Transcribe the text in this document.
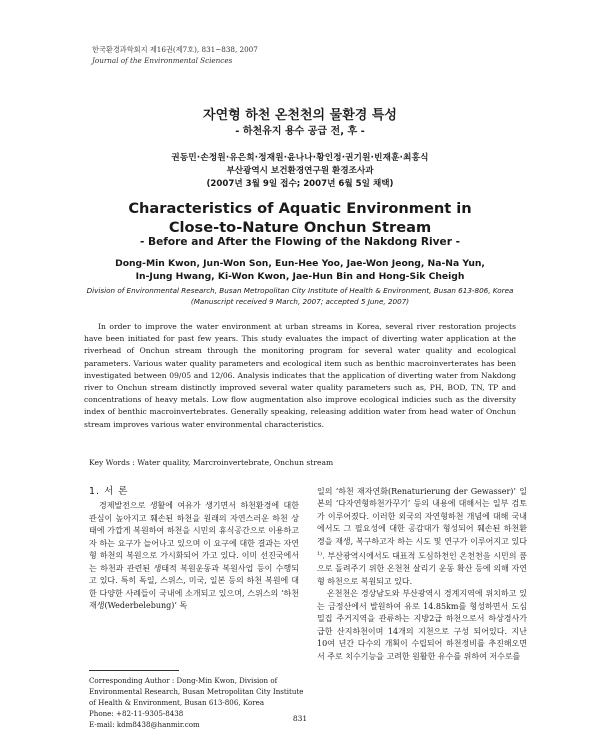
한국환경과학회지 제16권(제7호), 831~838, 2007
Journal of the Environmental Sciences
자연형 하천 온천천의 물환경 특성
- 하천유지 용수 공급 전, 후 -
권동민·손정원·유은희·정재원·윤나나·황인정·권기원·빈재훈·최홍식
부산광역시 보건환경연구원 환경조사과
(2007년 3월 9일 접수; 2007년 6월 5일 채택)
Characteristics of Aquatic Environment in
Close-to-Nature Onchun Stream
- Before and After the Flowing of the Nakdong River -
Dong-Min Kwon, Jun-Won Son, Eun-Hee Yoo, Jae-Won Jeong, Na-Na Yun,
In-Jung Hwang, Ki-Won Kwon, Jae-Hun Bin and Hong-Sik Cheigh
Division of Environmental Research, Busan Metropolitan City Institute of Health & Environment, Busan 613-806, Korea
(Manuscript received 9 March, 2007; accepted 5 June, 2007)
In order to improve the water environment at urban streams in Korea, several river restoration projects have been initiated for past few years. This study evaluates the impact of diverting water application at the riverhead of Onchun stream through the monitoring program for several water quality and ecological parameters. Various water quality parameters and ecological item such as benthic macroinverterates has been investigated between 09/05 and 12/06. Analysis indicates that the application of diverting water from Nakdong river to Onchun stream distinctly improved several water quality parameters such as, PH, BOD, TN, TP and concentrations of heavy metals. Low flow augmentation also improve ecological indicies such as the diversity index of benthic macroinvertebrates. Generally speaking, releasing addition water from head water of Onchun stream improves various water environmental characteristics.
Key Words : Water quality, Marcroinvertebrate, Onchun stream
1. 서 론
경제발전으로 생활에 여유가 생기면서 하천환경에 대한 관심이 높아지고 훼손된 하천을 원래의 자연스러운 하천 상태에 가깝게 복원하여 하천을 시민의 휴식공간으로 이용하고자 하는 요구가 늘어나고 있으며 이 요구에 대한 결과는 자연형 하천의 복원으로 가시화되어 가고 있다. 이미 선진국에서는 하천과 관련된 생태적 복원운동과 복원사업 등이 수행되고 있다. 특히 독일, 스위스, 미국, 일본 등의 하천 복원에 대한 다양한 사례들이 국내에 소개되고 있으며, 스위스의 ‘하천재생(Wederbelebung)’ 독
일의 ‘하천 재자연화(Renaturierung der Gewasser)’ 일본의 ‘다자연형하천가꾸기’ 등의 내용에 대해서는 일부 검토가 이루어졌다. 이러한 외국의 자연형하천 개념에 대해 국내에서도 그 필요성에 대한 공감대가 형성되어 훼손된 하천환경을 재생, 복구하고자 하는 시도 및 연구가 이루어지고 있다$^{1)}$. 부산광역시에서도 대표적 도심하천인 온천천을 시민의 품으로 돌려주기 위한 온천천 살리기 운동 확산 등에 의해 자연형 하천으로 복원되고 있다.
온천천은 경상남도와 부산광역시 경계지역에 위치하고 있는 금정산에서 발원하여 유로 14.85km를 형성하면서 도심 밀집 주거지역을 관류하는 지방2급 하천으로서 하상경사가 급한 산지하천이며 14개의 지천으로 구성 되어있다. 지난 10여 년간 다수의 개획이 수립되어 하천정비를 추진해오면서 주로 치수기능을 고려한 원활한 유수를 위하여 저수로를
Corresponding Author : Dong-Min Kwon, Division of Environmental Research, Busan Metropolitan City Institute of Health & Environment, Busan 613-806, Korea
Phone: +82-11-9305-8438
E-mail: kdm8438@hanmir.com
831
